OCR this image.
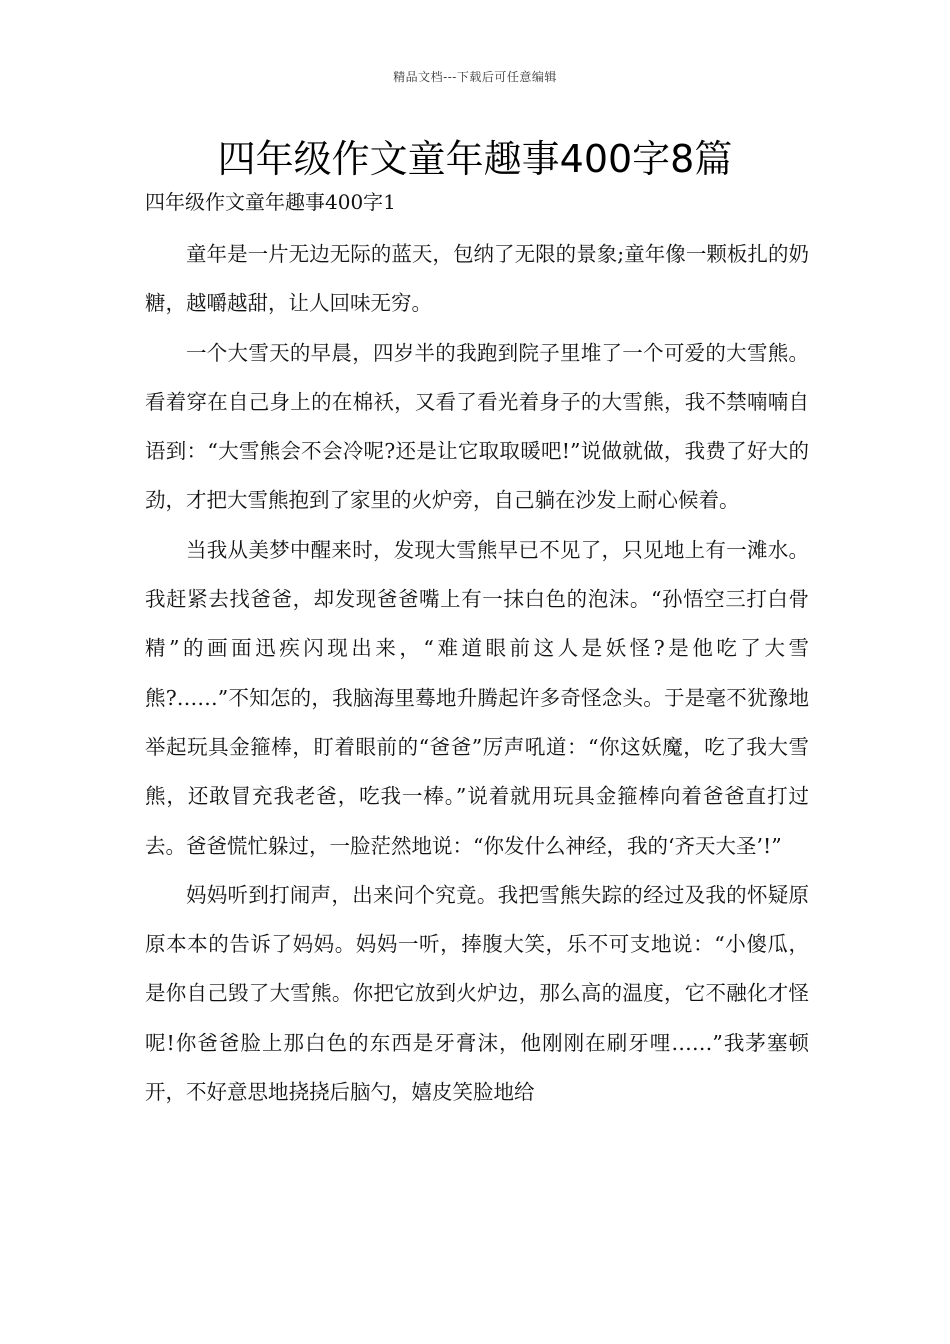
精品文档---下载后可任意编辑
四年级作文童年趣事400字8篇
四年级作文童年趣事400字1

童年是一片无边无际的蓝天，包纳了无限的景象;童年像一颗板扎的奶糖，越嚼越甜，让人回味无穷。

一个大雪天的早晨，四岁半的我跑到院子里堆了一个可爱的大雪熊。看着穿在自己身上的在棉袄，又看了看光着身子的大雪熊，我不禁喃喃自语到：“大雪熊会不会冷呢?还是让它取取暖吧!”说做就做，我费了好大的劲，才把大雪熊抱到了家里的火炉旁，自己躺在沙发上耐心候着。

当我从美梦中醒来时，发现大雪熊早已不见了，只见地上有一滩水。我赶紧去找爸爸，却发现爸爸嘴上有一抹白色的泡沫。“孙悟空三打白骨精”的画面迅疾闪现出来，“难道眼前这人是妖怪?是他吃了大雪熊?……”不知怎的，我脑海里蓦地升腾起许多奇怪念头。于是毫不犹豫地举起玩具金箍棒，盯着眼前的“爸爸”厉声吼道：“你这妖魔，吃了我大雪熊，还敢冒充我老爸，吃我一棒。”说着就用玩具金箍棒向着爸爸直打过去。爸爸慌忙躲过，一脸茫然地说：“你发什么神经，我的‘齐天大圣’!”

妈妈听到打闹声，出来问个究竟。我把雪熊失踪的经过及我的怀疑原原本本的告诉了妈妈。妈妈一听，捧腹大笑，乐不可支地说：“小傻瓜，是你自己毁了大雪熊。你把它放到火炉边，那么高的温度，它不融化才怪呢!你爸爸脸上那白色的东西是牙膏沫，他刚刚在刷牙哩……”我茅塞顿开，不好意思地挠挠后脑勺，嬉皮笑脸地给
